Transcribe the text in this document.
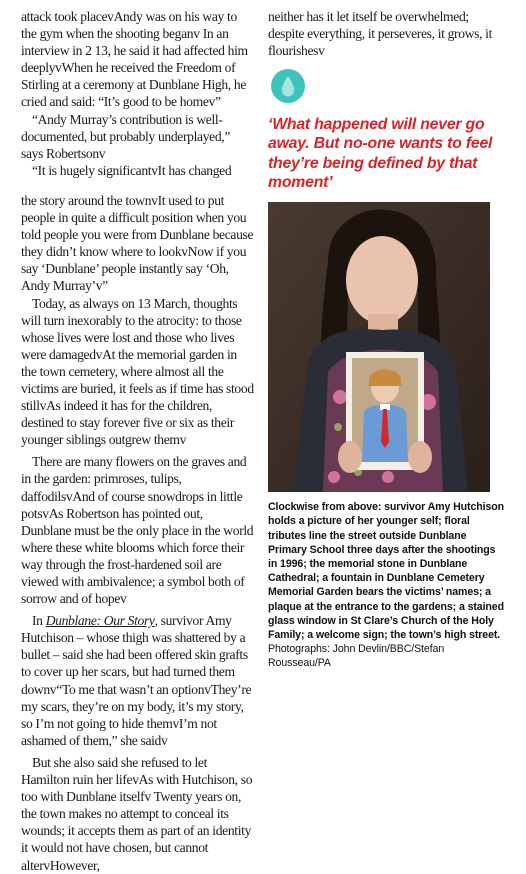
attack took placevAndy was on his way to the gym when the shooting beganv In an interview in 2 13, he said it had affected him deeplyvWhen he received the Freedom of Stirling at a ceremony at Dunblane High, he cried and said: “It’s good to be homev”

“Andy Murray’s contribution is well-documented, but probably underplayed,” says Robertsonv

“It is hugely significantvIt has changed

the story around the townvIt used to put people in quite a difficult position when you told people you were from Dunblane because they didn’t know where to lookvNow if you say ‘Dunblane’ people instantly say ‘Oh, Andy Murray’v”

Today, as always on 13 March, thoughts will turn inexorably to the atrocity: to those whose lives were lost and those who lives were damagedvAt the memorial garden in the town cemetery, where almost all the victims are buried, it feels as if time has stood stillvAs indeed it has for the children, destined to stay forever five or six as their younger siblings outgrew themv

There are many flowers on the graves and in the garden: primroses, tulips, daffodilsvAnd of course snowdrops in little potsvAs Robertson has pointed out, Dunblane must be the only place in the world where these white blooms which force their way through the frost-hardened soil are viewed with ambivalence; a symbol both of sorrow and of hopev

In Dunblane: Our Story, survivor Amy Hutchison – whose thigh was shattered by a bullet – said she had been offered skin grafts to cover up her scars, but had turned them downv“To me that wasn’t an optionvThey’re my scars, they’re on my body, it’s my story, so I’m not going to hide themvI’m not ashamed of them,” she saidv

But she also said she refused to let Hamilton ruin her lifevAs with Hutchison, so too with Dunblane itselfv Twenty years on, the town makes no attempt to conceal its wounds; it accepts them as part of an identity it would not have chosen, but cannot altervHowever,

neither has it let itself be overwhelmed; despite everything, it perseveres, it grows, it flourishesv

‘What happened will never go away. But no-one wants to feel they’re being defined by that moment’
Clockwise from above: survivor Amy Hutchison holds a picture of her younger self; floral tributes line the street outside Dunblane Primary School three days after the shootings in 1996; the memorial stone in Dunblane Cathedral; a fountain in Dunblane Cemetery Memorial Garden bears the victims’ names; a plaque at the entrance to the gardens; a stained glass window in St Clare’s Church of the Holy Family; a welcome sign; the town’s high street. Photographs: John Devlin/BBC/Stefan Rousseau/PA
